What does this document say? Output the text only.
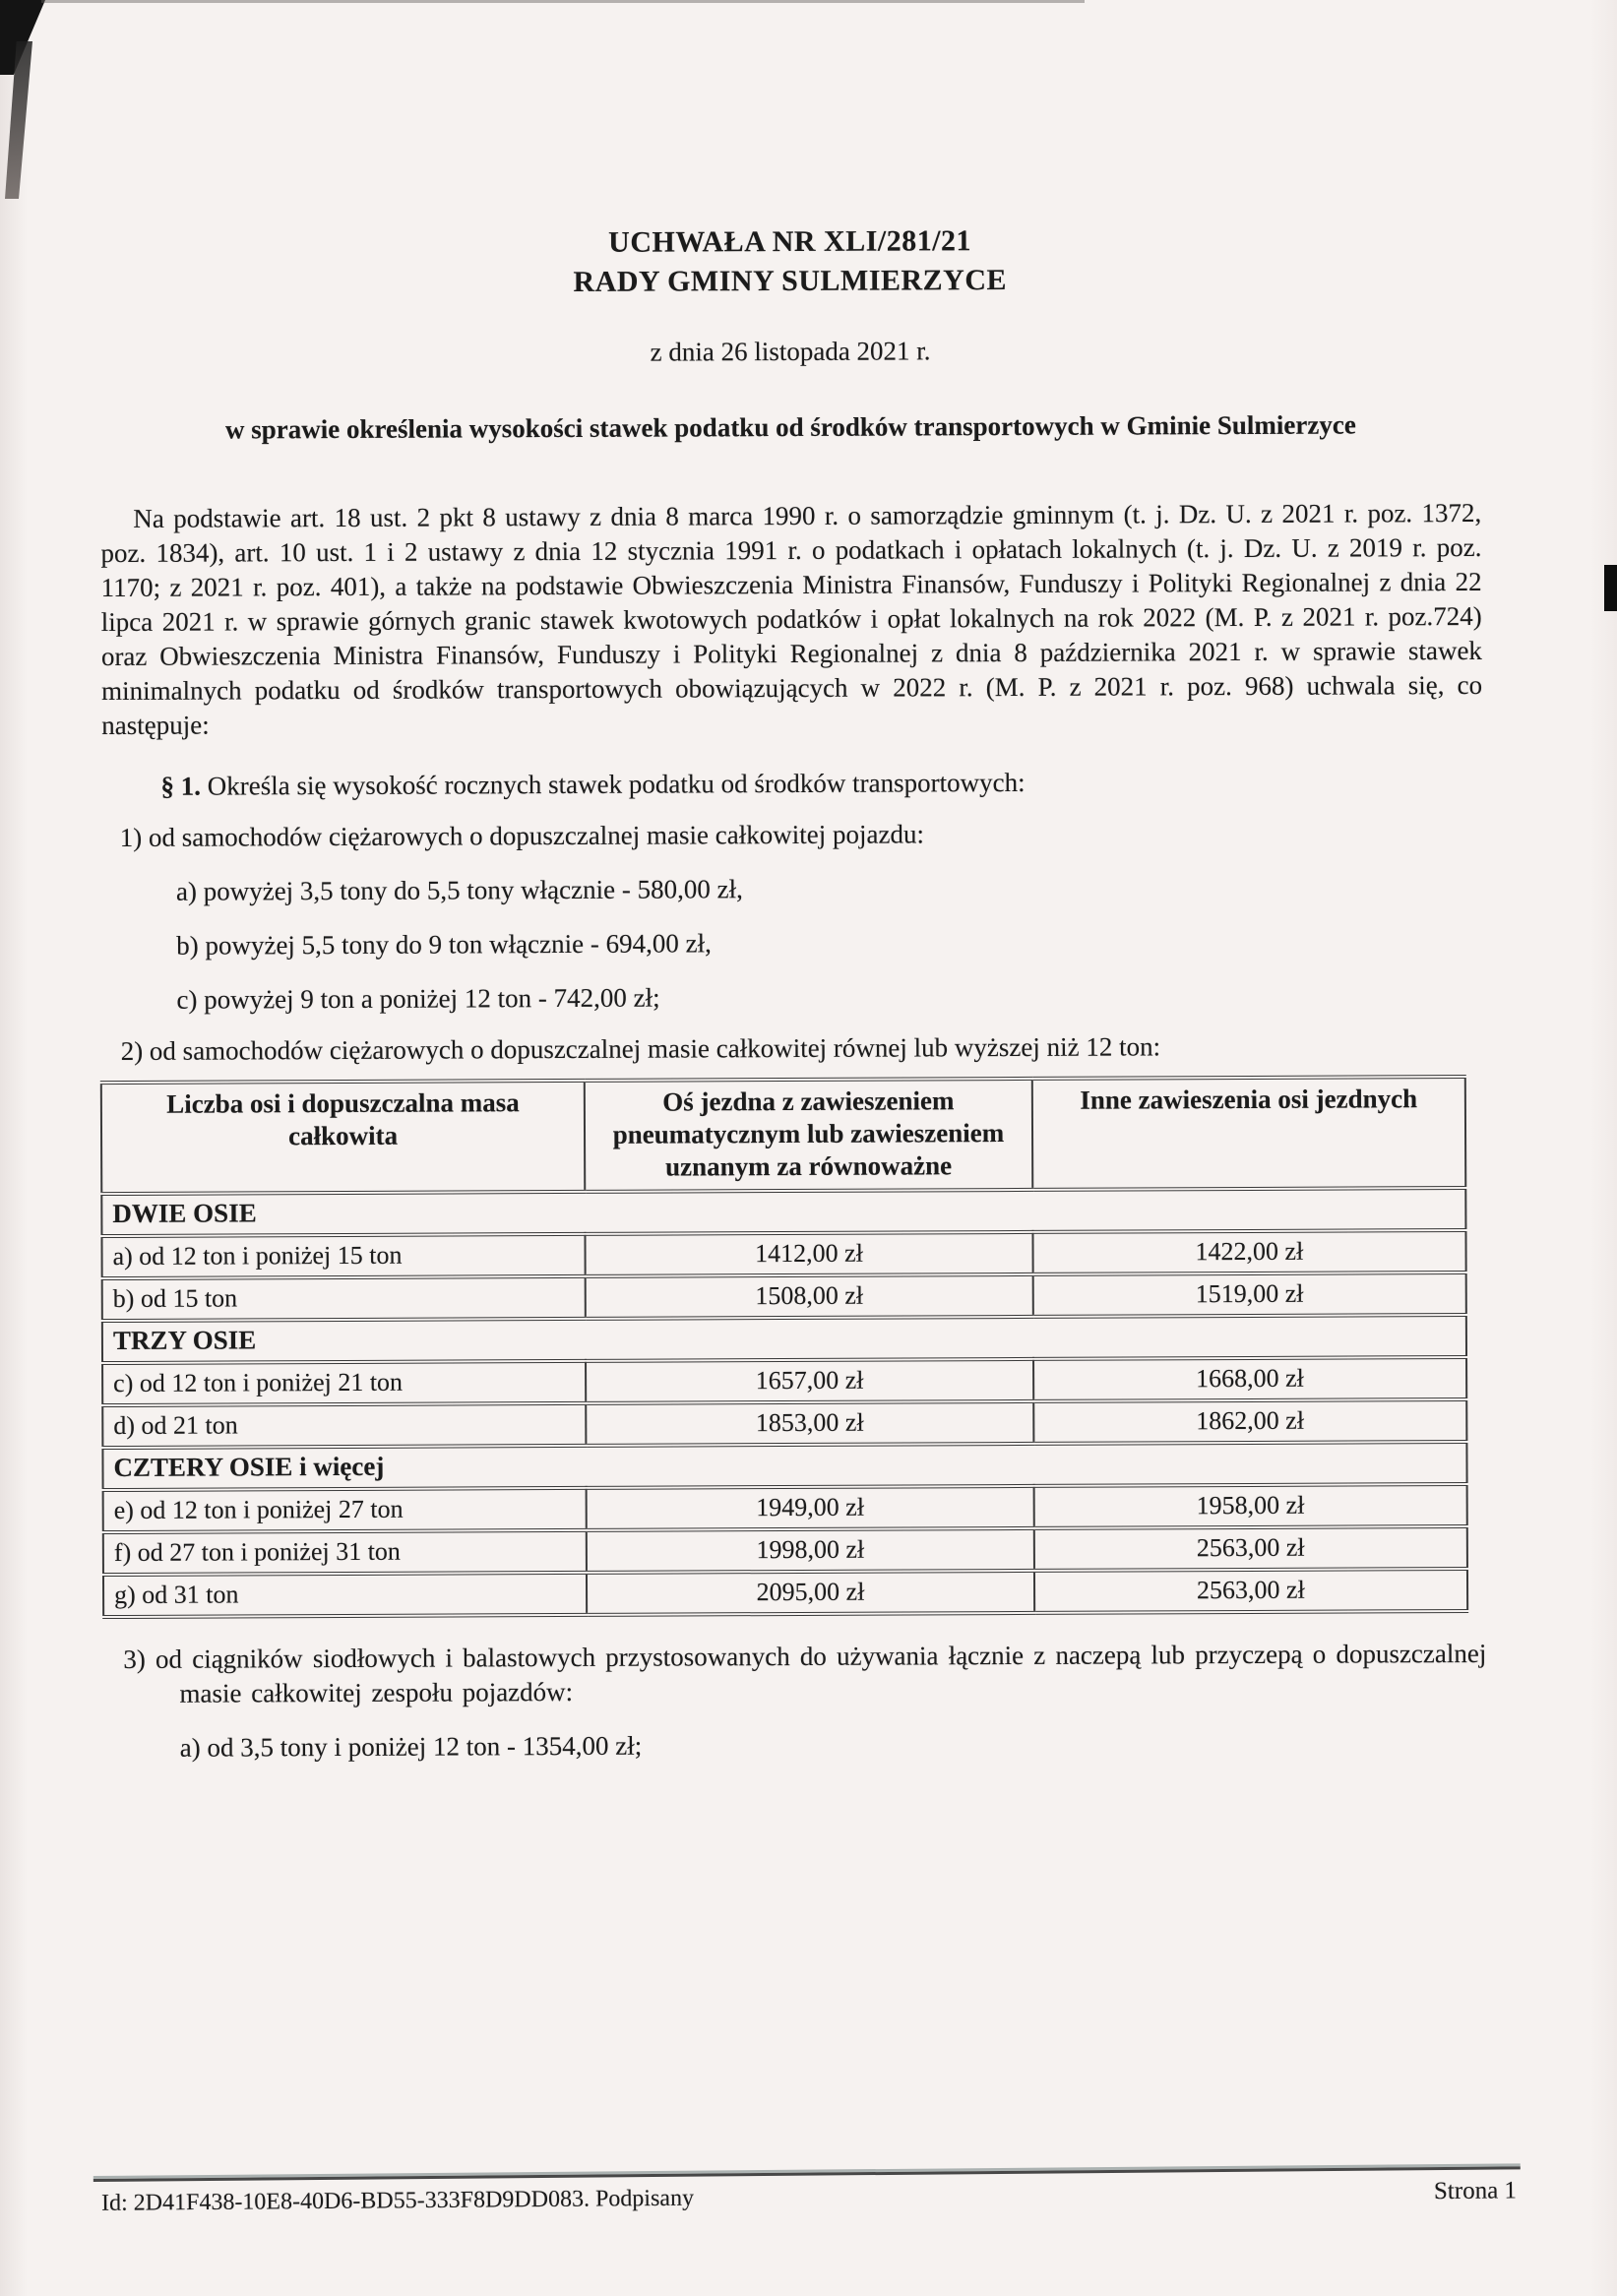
UCHWAŁA NR XLI/281/21
RADY GMINY SULMIERZYCE
z dnia 26 listopada 2021 r.
w sprawie określenia wysokości stawek podatku od środków transportowych w Gminie Sulmierzyce

Na podstawie art. 18 ust. 2 pkt 8 ustawy z dnia 8 marca 1990 r. o samorządzie gminnym (t. j. Dz. U. z 2021 r. poz. 1372, poz. 1834), art. 10 ust. 1 i 2 ustawy z dnia 12 stycznia 1991 r. o podatkach i opłatach lokalnych (t. j. Dz. U. z 2019 r. poz. 1170; z 2021 r. poz. 401), a także na podstawie Obwieszczenia Ministra Finansów, Funduszy i Polityki Regionalnej z dnia 22 lipca 2021 r. w sprawie górnych granic stawek kwotowych podatków i opłat lokalnych na rok 2022 (M. P. z 2021 r. poz.724) oraz Obwieszczenia Ministra Finansów, Funduszy i Polityki Regionalnej z dnia 8 października 2021 r. w sprawie stawek minimalnych podatku od środków transportowych obowiązujących w 2022 r. (M. P. z 2021 r. poz. 968) uchwala się, co następuje:

§ 1. Określa się wysokość rocznych stawek podatku od środków transportowych:
1) od samochodów ciężarowych o dopuszczalnej masie całkowitej pojazdu:
a) powyżej 3,5 tony do 5,5 tony włącznie - 580,00 zł,
b) powyżej 5,5 tony do 9 ton włącznie - 694,00 zł,
c) powyżej 9 ton a poniżej 12 ton - 742,00 zł;
2) od samochodów ciężarowych o dopuszczalnej masie całkowitej równej lub wyższej niż 12 ton:
Liczba osi i dopuszczalna masa całkowita	Oś jezdna z zawieszeniem pneumatycznym lub zawieszeniem uznanym za równoważne	Inne zawieszenia osi jezdnych
DWIE OSIE		
a) od 12 ton i poniżej 15 ton	1412,00 zł	1422,00 zł
b) od 15 ton	1508,00 zł	1519,00 zł
TRZY OSIE		
c) od 12 ton i poniżej 21 ton	1657,00 zł	1668,00 zł
d) od 21 ton	1853,00 zł	1862,00 zł
CZTERY OSIE i więcej		
e) od 12 ton i poniżej 27 ton	1949,00 zł	1958,00 zł
f) od 27 ton i poniżej 31 ton	1998,00 zł	2563,00 zł
g) od 31 ton	2095,00 zł	2563,00 zł
3) od ciągników siodłowych i balastowych przystosowanych do używania łącznie z naczepą lub przyczepą o dopuszczalnej masie całkowitej zespołu pojazdów:
a) od 3,5 tony i poniżej 12 ton - 1354,00 zł;
Id: 2D41F438-10E8-40D6-BD55-333F8D9DD083. Podpisany	Strona 1
